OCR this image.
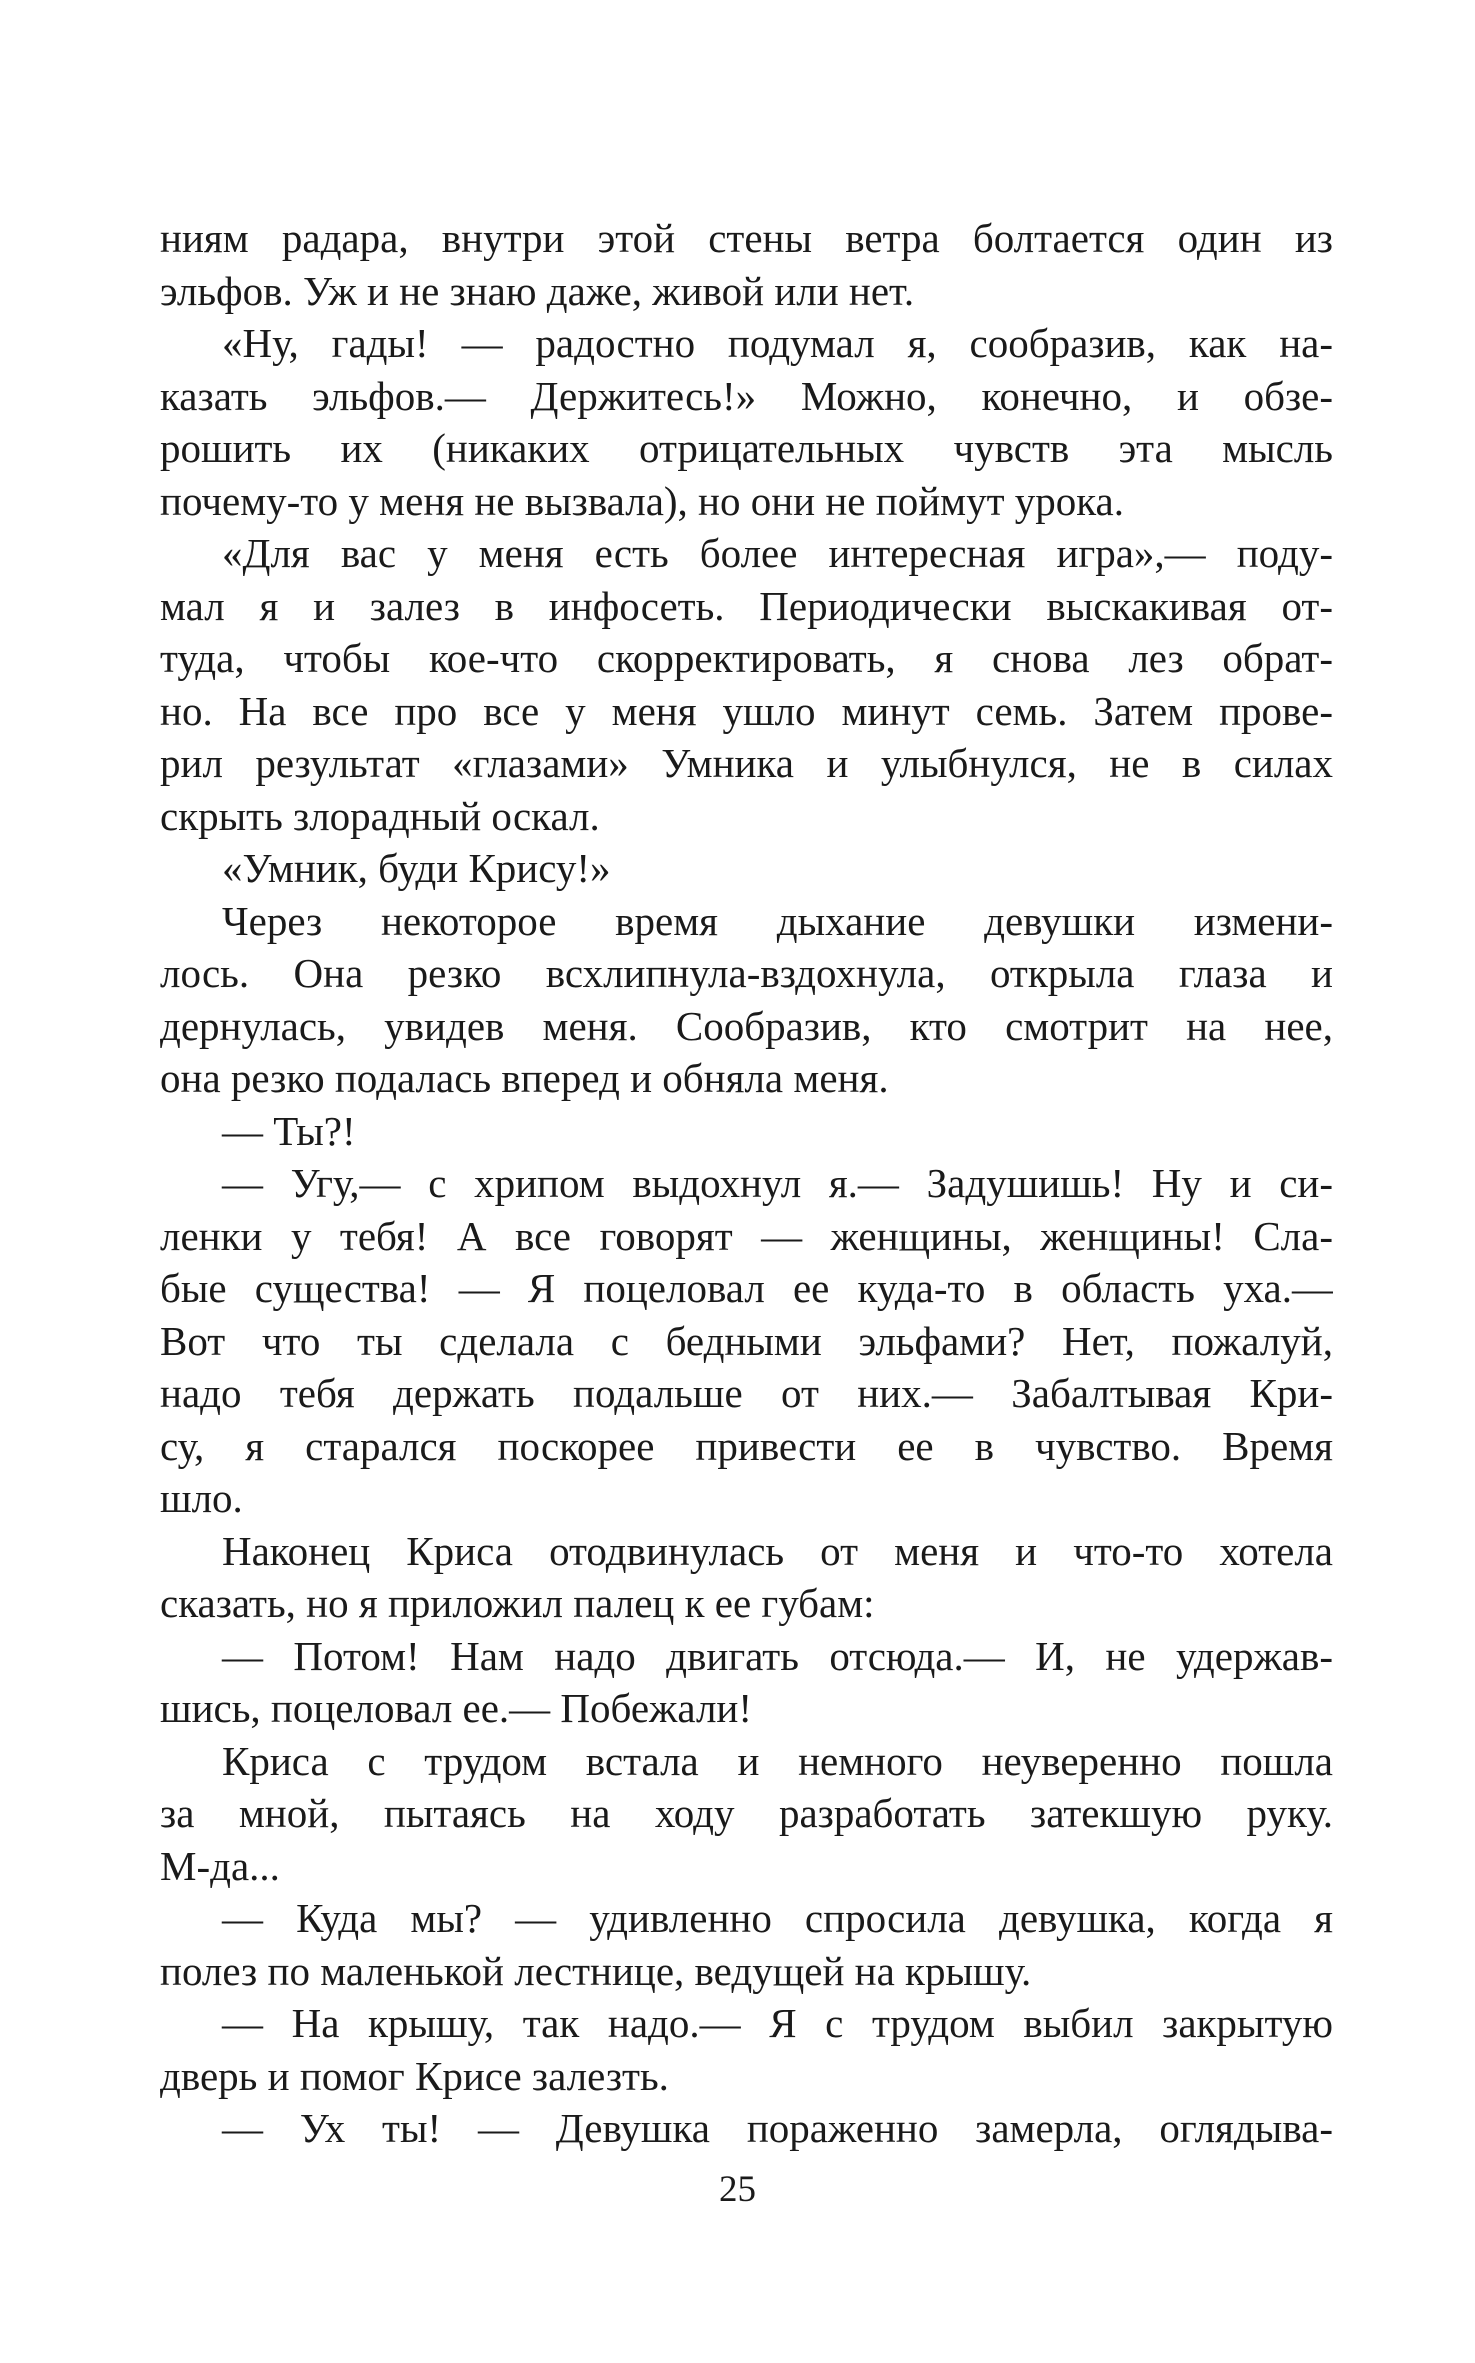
ниям радара, внутри этой стены ветра болтается один из

эльфов. Уж и не знаю даже, живой или нет.

«Ну, гады! — радостно подумал я, сообразив, как на-

казать эльфов.— Держитесь!» Можно, конечно, и обзе-

рошить их (никаких отрицательных чувств эта мысль

почему-то у меня не вызвала), но они не поймут урока.

«Для вас у меня есть более интересная игра»,— поду-

мал я и залез в инфосеть. Периодически выскакивая от-

туда, чтобы кое-что скорректировать, я снова лез обрат-

но. На все про все у меня ушло минут семь. Затем прове-

рил результат «глазами» Умника и улыбнулся, не в силах

скрыть злорадный оскал.

«Умник, буди Крису!»

Через некоторое время дыхание девушки измени-

лось. Она резко всхлипнула-вздохнула, открыла глаза и

дернулась, увидев меня. Сообразив, кто смотрит на нее,

она резко подалась вперед и обняла меня.

— Ты?!

— Угу,— с хрипом выдохнул я.— Задушишь! Ну и си-

ленки у тебя! А все говорят — женщины, женщины! Сла-

бые существа! — Я поцеловал ее куда-то в область уха.—

Вот что ты сделала с бедными эльфами? Нет, пожалуй,

надо тебя держать подальше от них.— Забалтывая Кри-

су, я старался поскорее привести ее в чувство. Время

шло.

Наконец Криса отодвинулась от меня и что-то хотела

сказать, но я приложил палец к ее губам:

— Потом! Нам надо двигать отсюда.— И, не удержав-

шись, поцеловал ее.— Побежали!

Криса с трудом встала и немного неуверенно пошла

за мной, пытаясь на ходу разработать затекшую руку.

М-да...

— Куда мы? — удивленно спросила девушка, когда я

полез по маленькой лестнице, ведущей на крышу.

— На крышу, так надо.— Я с трудом выбил закрытую

дверь и помог Крисе залезть.

— Ух ты! — Девушка пораженно замерла, оглядыва-

25
